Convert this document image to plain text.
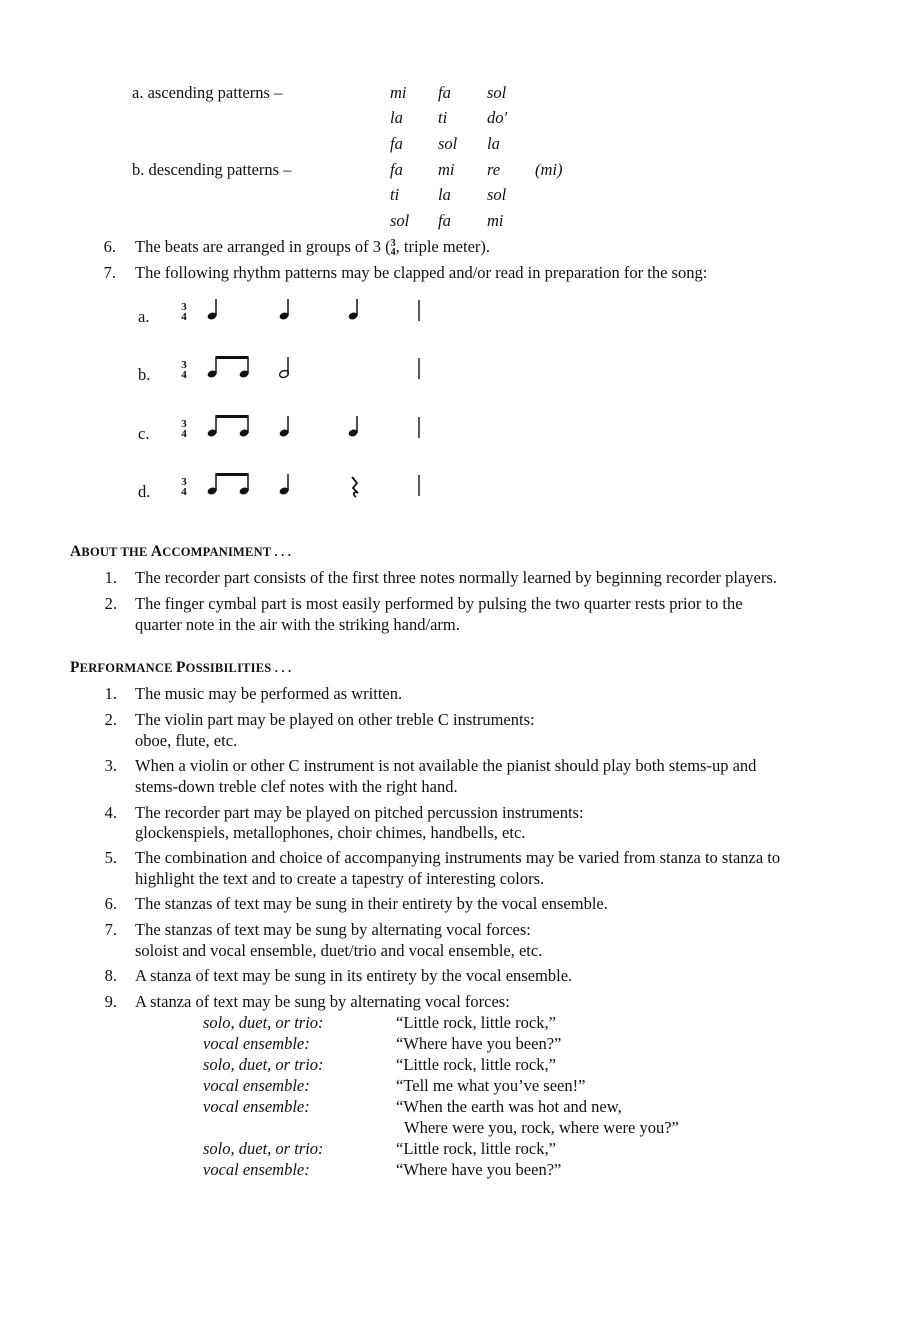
a. ascending patterns –	mi fa sol
la ti do'
fa sol la
b. descending patterns –	fa mi re (mi)
ti la sol
sol fa mi
6. The beats are arranged in groups of 3 ( 3
4 , triple meter).
7. The following rhythm patterns may be clapped and/or read in preparation for the song:
a.	3
4
b.	3
4
c.	3
4
d.	3
4
ABOUT THE ACCOMPANIMENT . . .
1. The recorder part consists of the first three notes normally learned by beginning recorder players.
2. The finger cymbal part is most easily performed by pulsing the two quarter rests prior to the
quarter note in the air with the striking hand/arm.
PERFORMANCE POSSIBILITIES . . .
1. The music may be performed as written.
2. The violin part may be played on other treble C instruments:
oboe, flute, etc.
3. When a violin or other C instrument is not available the pianist should play both stems-up and
stems-down treble clef notes with the right hand.
4. The recorder part may be played on pitched percussion instruments:
glockenspiels, metallophones, choir chimes, handbells, etc.
5. The combination and choice of accompanying instruments may be varied from stanza to stanza to
highlight the text and to create a tapestry of interesting colors.
6. The stanzas of text may be sung in their entirety by the vocal ensemble.
7. The stanzas of text may be sung by alternating vocal forces:
soloist and vocal ensemble, duet/trio and vocal ensemble, etc.
8. A stanza of text may be sung in its entirety by the vocal ensemble.
9. A stanza of text may be sung by alternating vocal forces:
solo, duet, or trio:	“Little rock, little rock,”
vocal ensemble:	“Where have you been?”
solo, duet, or trio:	“Little rock, little rock,”
vocal ensemble:	“Tell me what you’ve seen!”
vocal ensemble:	“When the earth was hot and new,
Where were you, rock, where were you?”
solo, duet, or trio:	“Little rock, little rock,”
vocal ensemble:	“Where have you been?”
